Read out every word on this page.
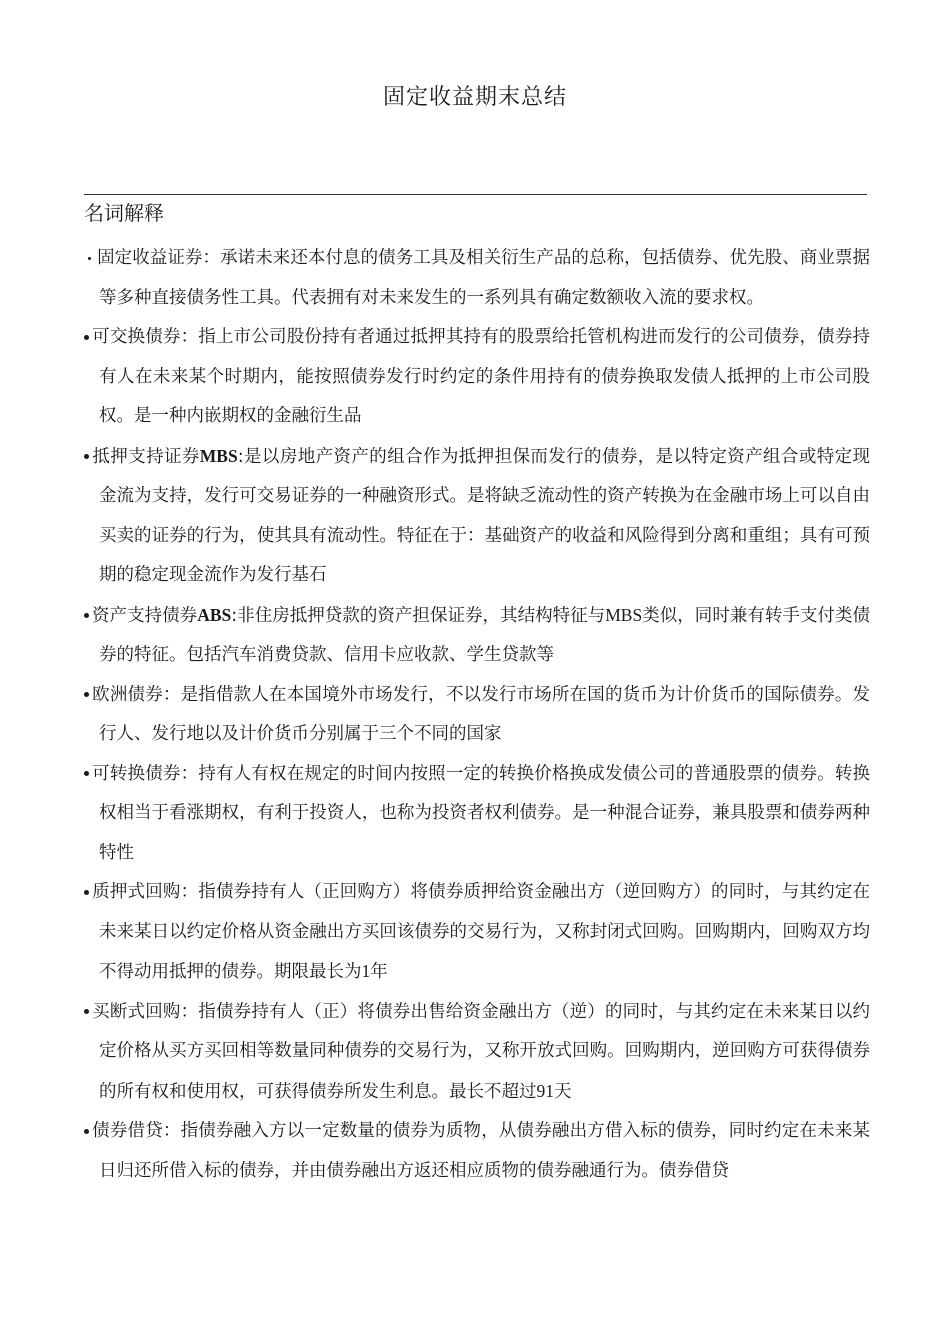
固定收益期末总结
名词解释

固定收益证券：承诺未来还本付息的债务工具及相关衍生产品的总称，包括债券、优先股、商业票据等多种直接债务性工具。代表拥有对未来发生的一系列具有确定数额收入流的要求权。

可交换债券：指上市公司股份持有者通过抵押其持有的股票给托管机构进而发行的公司债券，债券持有人在未来某个时期内，能按照债券发行时约定的条件用持有的债券换取发债人抵押的上市公司股权。是一种内嵌期权的金融衍生品

抵押支持证券MBS:是以房地产资产的组合作为抵押担保而发行的债券，是以特定资产组合或特定现金流为支持，发行可交易证券的一种融资形式。是将缺乏流动性的资产转换为在金融市场上可以自由买卖的证券的行为，使其具有流动性。特征在于：基础资产的收益和风险得到分离和重组；具有可预期的稳定现金流作为发行基石

资产支持债券ABS:非住房抵押贷款的资产担保证券，其结构特征与MBS类似，同时兼有转手支付类债券的特征。包括汽车消费贷款、信用卡应收款、学生贷款等

欧洲债券：是指借款人在本国境外市场发行，不以发行市场所在国的货币为计价货币的国际债券。发行人、发行地以及计价货币分别属于三个不同的国家

可转换债券：持有人有权在规定的时间内按照一定的转换价格换成发债公司的普通股票的债券。转换权相当于看涨期权，有利于投资人，也称为投资者权利债券。是一种混合证券，兼具股票和债券两种特性

质押式回购：指债券持有人（正回购方）将债券质押给资金融出方（逆回购方）的同时，与其约定在未来某日以约定价格从资金融出方买回该债券的交易行为，又称封闭式回购。回购期内，回购双方均不得动用抵押的债券。期限最长为1年

买断式回购：指债券持有人（正）将债券出售给资金融出方（逆）的同时，与其约定在未来某日以约定价格从买方买回相等数量同种债券的交易行为，又称开放式回购。回购期内，逆回购方可获得债券的所有权和使用权，可获得债券所发生利息。最长不超过91天

债券借贷：指债券融入方以一定数量的债券为质物，从债券融出方借入标的债券，同时约定在未来某日归还所借入标的债券，并由债券融出方返还相应质物的债券融通行为。债券借贷
